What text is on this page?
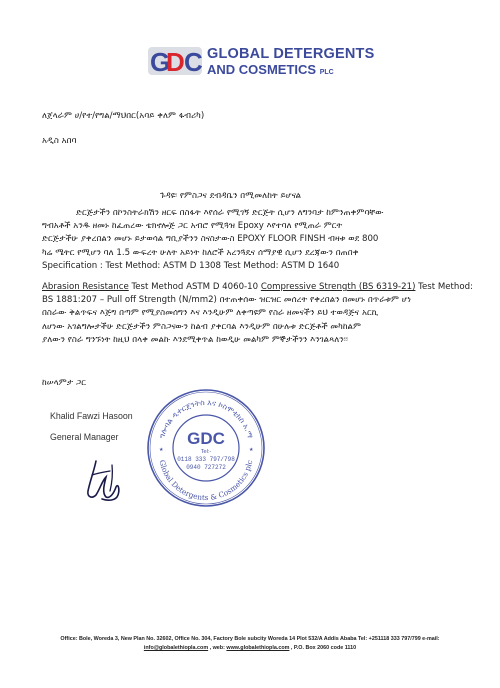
G
D C GLOBAL DETERGENTS
AND COSMETICS PLC
ለጀላራም ሀ/የተ/የግል/ማህበር(አባይ ቀለም ፋብሪካ)
አዲስ አበባ
ጉዳዩ፡ የምስጋና ደብዳቤን በሚመለከት ይሆናል
ድርጅታችን በኮንስትራክሽን ዘርፍ በስፋት እየሰራ የሚገኝ ድርጅት ሲሆን ለግንባታ ከምንጠቀምባቸው
ግብአቶች አንዱ ዘመኑ ከፈጠረው ቴክኖሎጅ ጋር አብሮ የሚጓዝ Epoxy እየተባለ የሚጠራ ምርት
ድርጅታችሁ ያቀረበልን መሆኑ ይታወሳል ግቢያችንን ስናስታውስ EPOXY FLOOR FINSH ብዛቱ ወደ 800
ካሬ ሜትር የሚሆን ባለ 1.5 ውፍረት ሁለት አይነት ከለሮች አረንጓዴና ሰማያዊ ሲሆን ደረጃውን በጠበቀ
Specification : Test Method: ASTM D 1308 Test Method: ASTM D 1640
Abrasion Resistance Test Method ASTM D 4060-10 Compressive Strength (BS 6319-21) Test Method:
BS 1881:207 – Pull off Strength (N/mm2) በተጠቀሰው ዝርዝር መሰረት የቀረበልን በመሆኑ በጥራቱም ሆነ
በስራው ቅልጥፍና እጅግ በጣም የሚያስመሰግን እና እንዲሁም ለቀጣዩም የስራ ዘመናችን ይህ ተወዳጅና አርኪ
ለሆነው አገልግሎታችሁ ድርጅታችን ምስጋናውን ከልብ ያቀርባል እንዲሁም በሁሉቱ ድርጅቶች መካከልም
ያለውን የስራ ግንኙነት ከዚህ በላቀ መልኩ እንደሚቀጥል ከወዲሁ መልካም ምኞታችንን እንገልጻለን፡፡
ከሠላምታ ጋር
Khalid Fawzi Hasoon
General Manager	ግሎባል ዲተርጀንትስ እና ኮስሞቲክስ አ.ማ
Global Detergents & Cosmetics plc
GDC
Tel:-
0118 333 797/798
0940 727272
★	★
Office: Bole, Woreda 3, New Plan No. 32602, Office No. 304, Factory Bole subcity Woreda 14 Plot 532/A Addis Ababa Tel: +251118 333 797/799 e-mail:
info@globalethiopla.com , web: www.globalethiopla.com , P.O. Box 2060 code 1110
